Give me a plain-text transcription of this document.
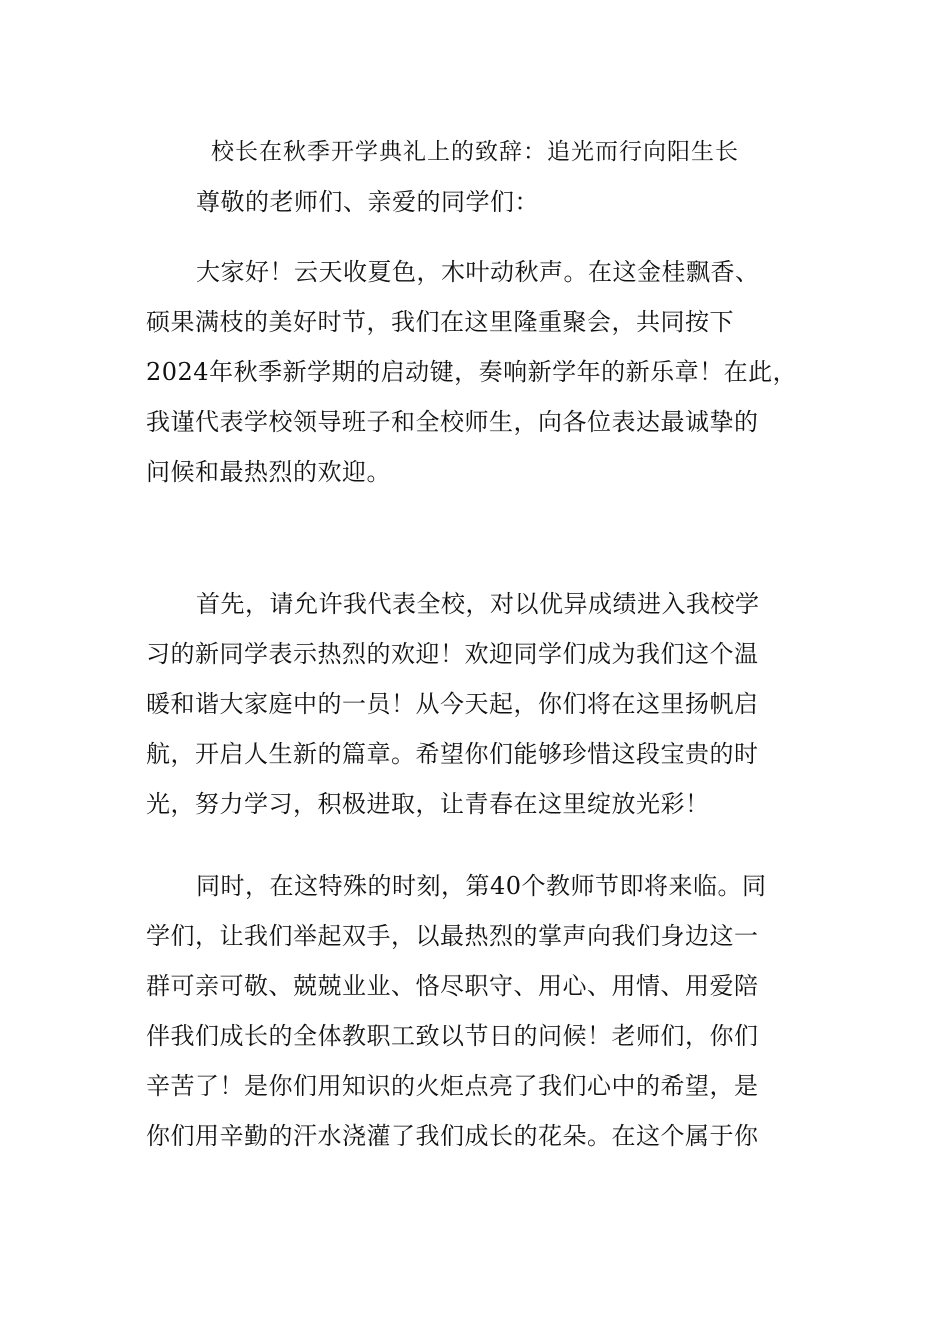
校长在秋季开学典礼上的致辞：追光而行向阳生长
尊敬的老师们、亲爱的同学们：
大家好！云天收夏色，木叶动秋声。在这金桂飘香、
硕果满枝的美好时节，我们在这里隆重聚会，共同按下
2024年秋季新学期的启动键，奏响新学年的新乐章！在此，
我谨代表学校领导班子和全校师生，向各位表达最诚挚的
问候和最热烈的欢迎。
首先，请允许我代表全校，对以优异成绩进入我校学
习的新同学表示热烈的欢迎！欢迎同学们成为我们这个温
暖和谐大家庭中的一员！从今天起，你们将在这里扬帆启
航，开启人生新的篇章。希望你们能够珍惜这段宝贵的时
光，努力学习，积极进取，让青春在这里绽放光彩！
同时，在这特殊的时刻，第40个教师节即将来临。同
学们，让我们举起双手，以最热烈的掌声向我们身边这一
群可亲可敬、兢兢业业、恪尽职守、用心、用情、用爱陪
伴我们成长的全体教职工致以节日的问候！老师们，你们
辛苦了！是你们用知识的火炬点亮了我们心中的希望，是
你们用辛勤的汗水浇灌了我们成长的花朵。在这个属于你
